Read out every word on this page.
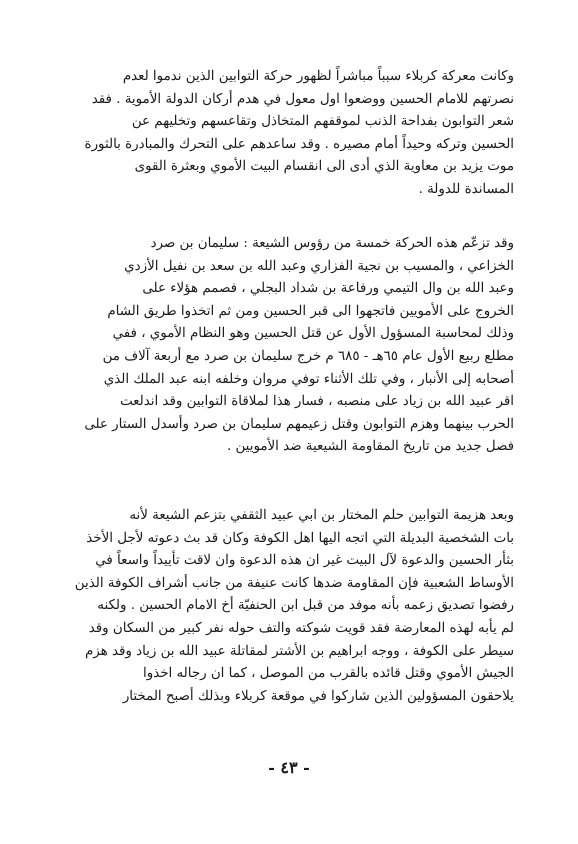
وكانت معركة كربلاء سبباً مباشراً لظهور حركة التوابين الذين ندموا لعدم
نصرتهم للامام الحسين ووضعوا اول معول في هدم أركان الدولة الأموية . فقد
شعر التوابون بفداحة الذنب لموقفهم المتخاذل وتقاعسهم وتخليهم عن
الحسين وتركه وحيداً أمام مصيره . وقد ساعدهم على التحرك والمبادرة بالثورة
موت يزيد بن معاوية الذي أدى الى انقسام البيت الأموي وبعثرة القوى
المساندة للدولة .
وقد تزعّم هذه الحركة خمسة من رؤوس الشيعة : سليمان بن صرد
الخزاعي ، والمسيب بن نجية الفزاري وعبد الله بن سعد بن نفيل الأزدي
وعبد الله بن وال التيمي ورفاعة بن شداد البجلي ، فصمم هؤلاء على
الخروج على الأمويين فاتجهوا الى قبر الحسين ومن ثم اتخذوا طريق الشام
وذلك لمحاسبة المسؤول الأول عن قتل الحسين وهو النظام الأموي ، ففي
مطلع ربيع الأول عام ٦٥هـ - ٦٨٥ م خرج سليمان بن صرد مع أربعة آلاف من
أصحابه إلى الأنبار ، وفي تلك الأثناء توفي مروان وخلفه ابنه عبد الملك الذي
اقر عبيد الله بن زياد على منصبه ، فسار هذا لملاقاة التوابين وقد اندلعت
الحرب بينهما وهزم التوابون وقتل زعيمهم سليمان بن صرد وأسدل الستار على
فصل جديد من تاريخ المقاومة الشيعية ضد الأمويين .
وبعد هزيمة التوابين حلم المختار بن ابي عبيد الثقفي بتزعم الشيعة لأنه
بات الشخصية البديلة التي اتجه اليها اهل الكوفة وكان قد بث دعوته لأجل الأخذ
بثأر الحسين والدعوة لآل البيت غير ان هذه الدعوة وان لاقت تأييداً واسعاً في
الأوساط الشعبية فإن المقاومة ضدها كانت عنيفة من جانب أشراف الكوفة الذين
رفضوا تصديق زعمه بأنه موفد من قبل ابن الحنفيّة أخ الامام الحسين . ولكنه
لم يأبه لهذه المعارضة فقد قويت شوكته والتف حوله نفر كبير من السكان وقد
سيطر على الكوفة ، ووجه ابراهيم بن الأشتر لمقاتلة عبيد الله بن زياد وقد هزم
الجيش الأموي وقتل قائده بالقرب من الموصل ، كما ان رجاله اخذوا
يلاحقون المسؤولين الذين شاركوا في موقعة كربلاء وبذلك أصبح المختار
- ٤٣ -
